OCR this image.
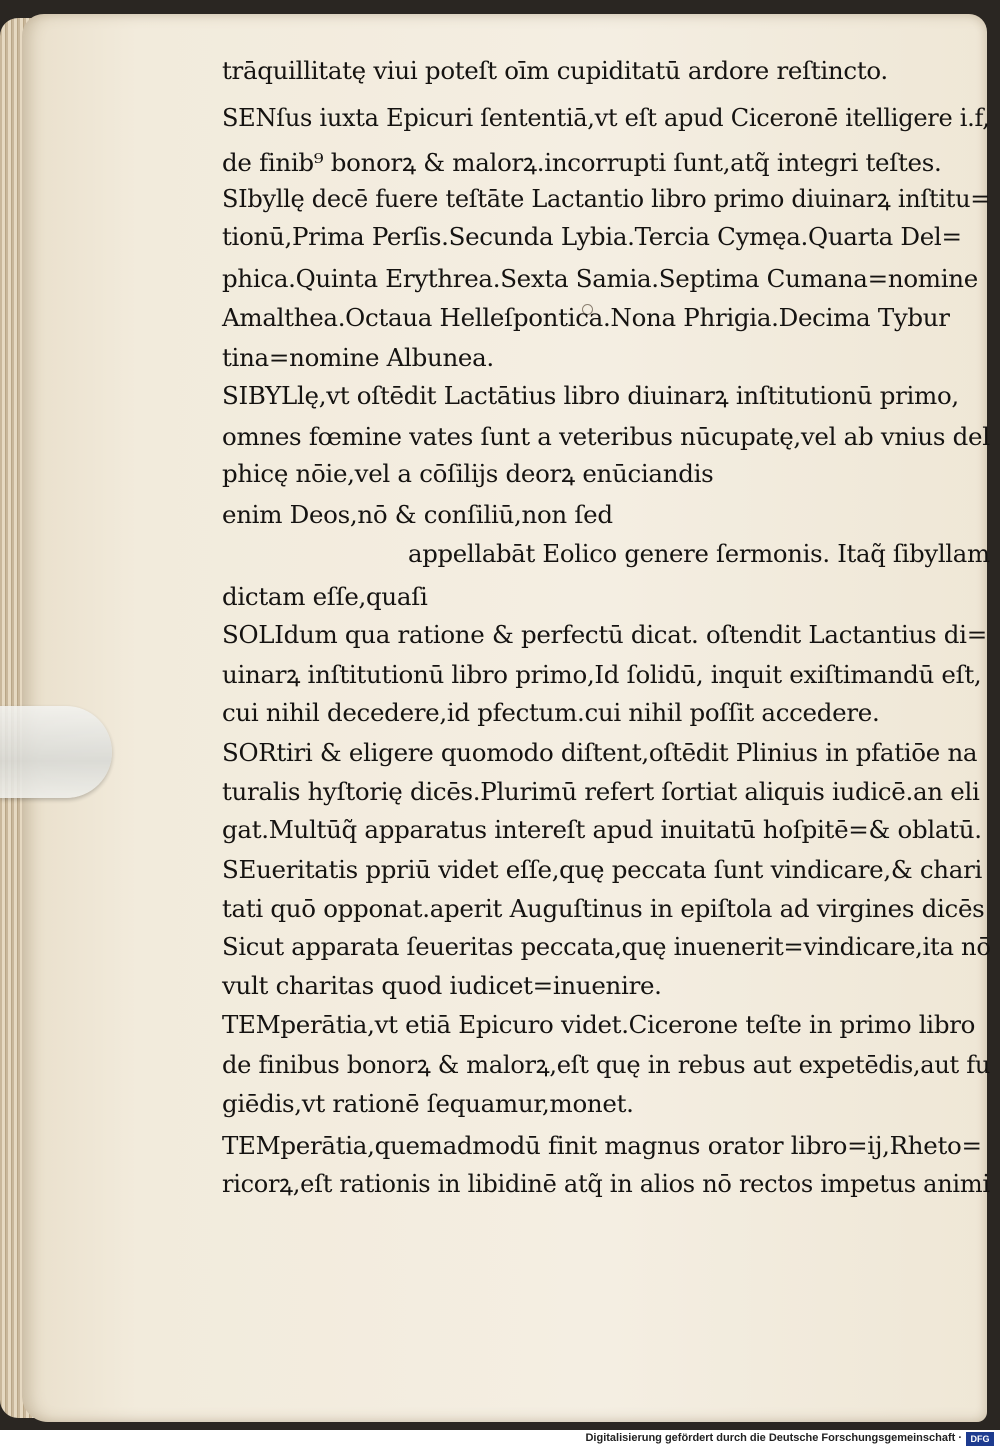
trāquillitatę viui poteſt oīm cupiditatū ardore reſtincto.
SENſus iuxta Epicuri ſententiā,vt eſt apud Ciceronē itelligere i.f,
de finib⁹ bonorꝝ & malorꝝ.incorrupti ſunt,atq̃ integri teſtes.
SIbyllę decē fuere teſtāte Lactantio libro primo diuinarꝝ inſtitu=
tionū,Prima Perſis.Secunda Lybia.Tercia Cymęa.Quarta Del=
phica.Quinta Erythrea.Sexta Samia.Septima Cumana=nomine
Amalthea.Octaua Helleſpontica.Nona Phrigia.Decima Tybur
tina=nomine Albunea.
SIBYLlę,vt oſtēdit Lactātius libro diuinarꝝ inſtitutionū primo,
omnes fœmine vates ſunt a veteribus nūcupatę,vel ab vnius del
phicę nōie,vel a cōſilijs deorꝝ enūciandis
enim Deos,nō & conſiliū,non ſed
appellabāt Eolico genere ſermonis. Itaq̃ ſibyllam
dictam eſſe,quaſi
SOLIdum qua ratione & perfectū dicat. oſtendit Lactantius di=
uinarꝝ inſtitutionū libro primo,Id ſolidū, inquit exiſtimandū eſt,
cui nihil decedere,id pfectum.cui nihil poſſit accedere.
SORtiri & eligere quomodo diſtent,oſtēdit Plinius in pfatiōe na
turalis hyſtorię dicēs.Plurimū refert ſortiat aliquis iudicē.an eli
gat.Multūq̃ apparatus intereſt apud inuitatū hoſpitē=& oblatū.
SEueritatis ppriū videt eſſe,quę peccata ſunt vindicare,& chari
tati quō opponat.aperit Auguſtinus in epiſtola ad virgines dicēs
Sicut apparata ſeueritas peccata,quę inuenerit=vindicare,ita nō
vult charitas quod iudicet=inuenire.
TEMperātia,vt etiā Epicuro videt.Cicerone teſte in primo libro
de finibus bonorꝝ & malorꝝ,eſt quę in rebus aut expetēdis,aut fu
giēdis,vt rationē ſequamur,monet.
TEMperātia,quemadmodū finit magnus orator libro=ij,Rheto=
ricorꝝ,eſt rationis in libidinē atq̃ in alios nō rectos impetus animi
Digitalisierung gefördert durch die Deutsche Forschungsgemeinschaft · DFG
